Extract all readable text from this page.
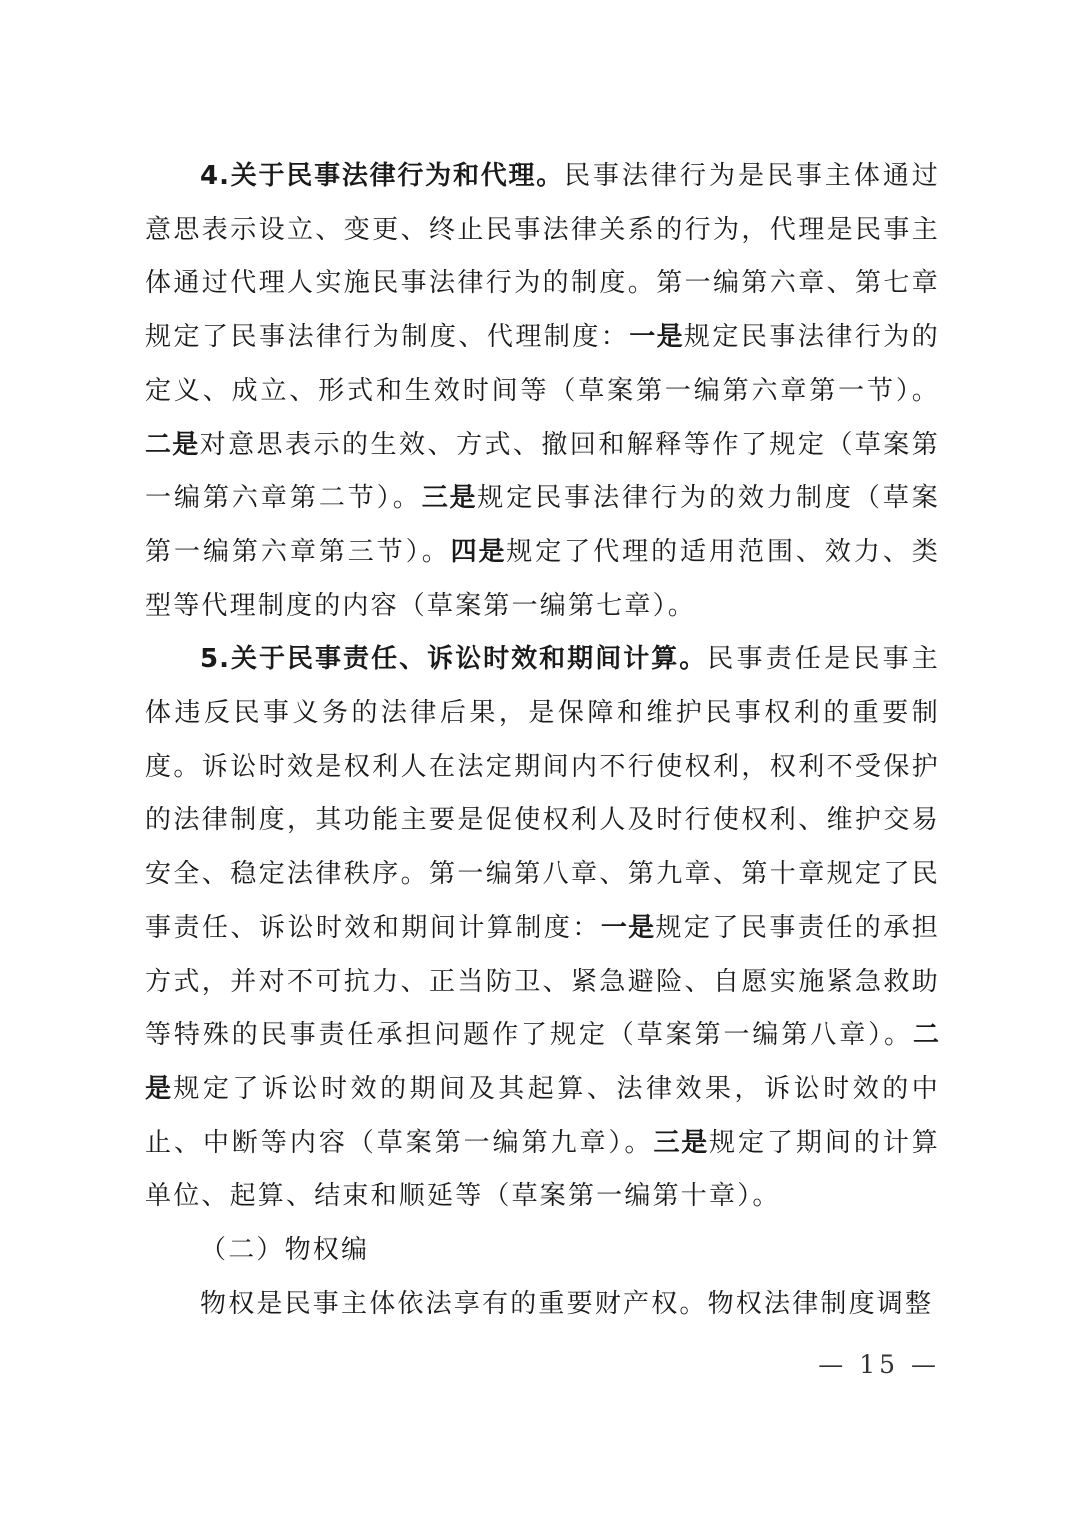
4.关于民事法律行为和代理。民事法律行为是民事主体通过意思表示设立、变更、终止民事法律关系的行为，代理是民事主体通过代理人实施民事法律行为的制度。第一编第六章、第七章规定了民事法律行为制度、代理制度：一是规定民事法律行为的定义、成立、形式和生效时间等（草案第一编第六章第一节）。二是对意思表示的生效、方式、撤回和解释等作了规定（草案第一编第六章第二节）。三是规定民事法律行为的效力制度（草案第一编第六章第三节）。四是规定了代理的适用范围、效力、类型等代理制度的内容（草案第一编第七章）。

5.关于民事责任、诉讼时效和期间计算。民事责任是民事主体违反民事义务的法律后果，是保障和维护民事权利的重要制度。诉讼时效是权利人在法定期间内不行使权利，权利不受保护的法律制度，其功能主要是促使权利人及时行使权利、维护交易安全、稳定法律秩序。第一编第八章、第九章、第十章规定了民事责任、诉讼时效和期间计算制度：一是规定了民事责任的承担方式，并对不可抗力、正当防卫、紧急避险、自愿实施紧急救助等特殊的民事责任承担问题作了规定（草案第一编第八章）。二是规定了诉讼时效的期间及其起算、法律效果，诉讼时效的中止、中断等内容（草案第一编第九章）。三是规定了期间的计算单位、起算、结束和顺延等（草案第一编第十章）。

（二）物权编

物权是民事主体依法享有的重要财产权。物权法律制度调整

— 15 —
